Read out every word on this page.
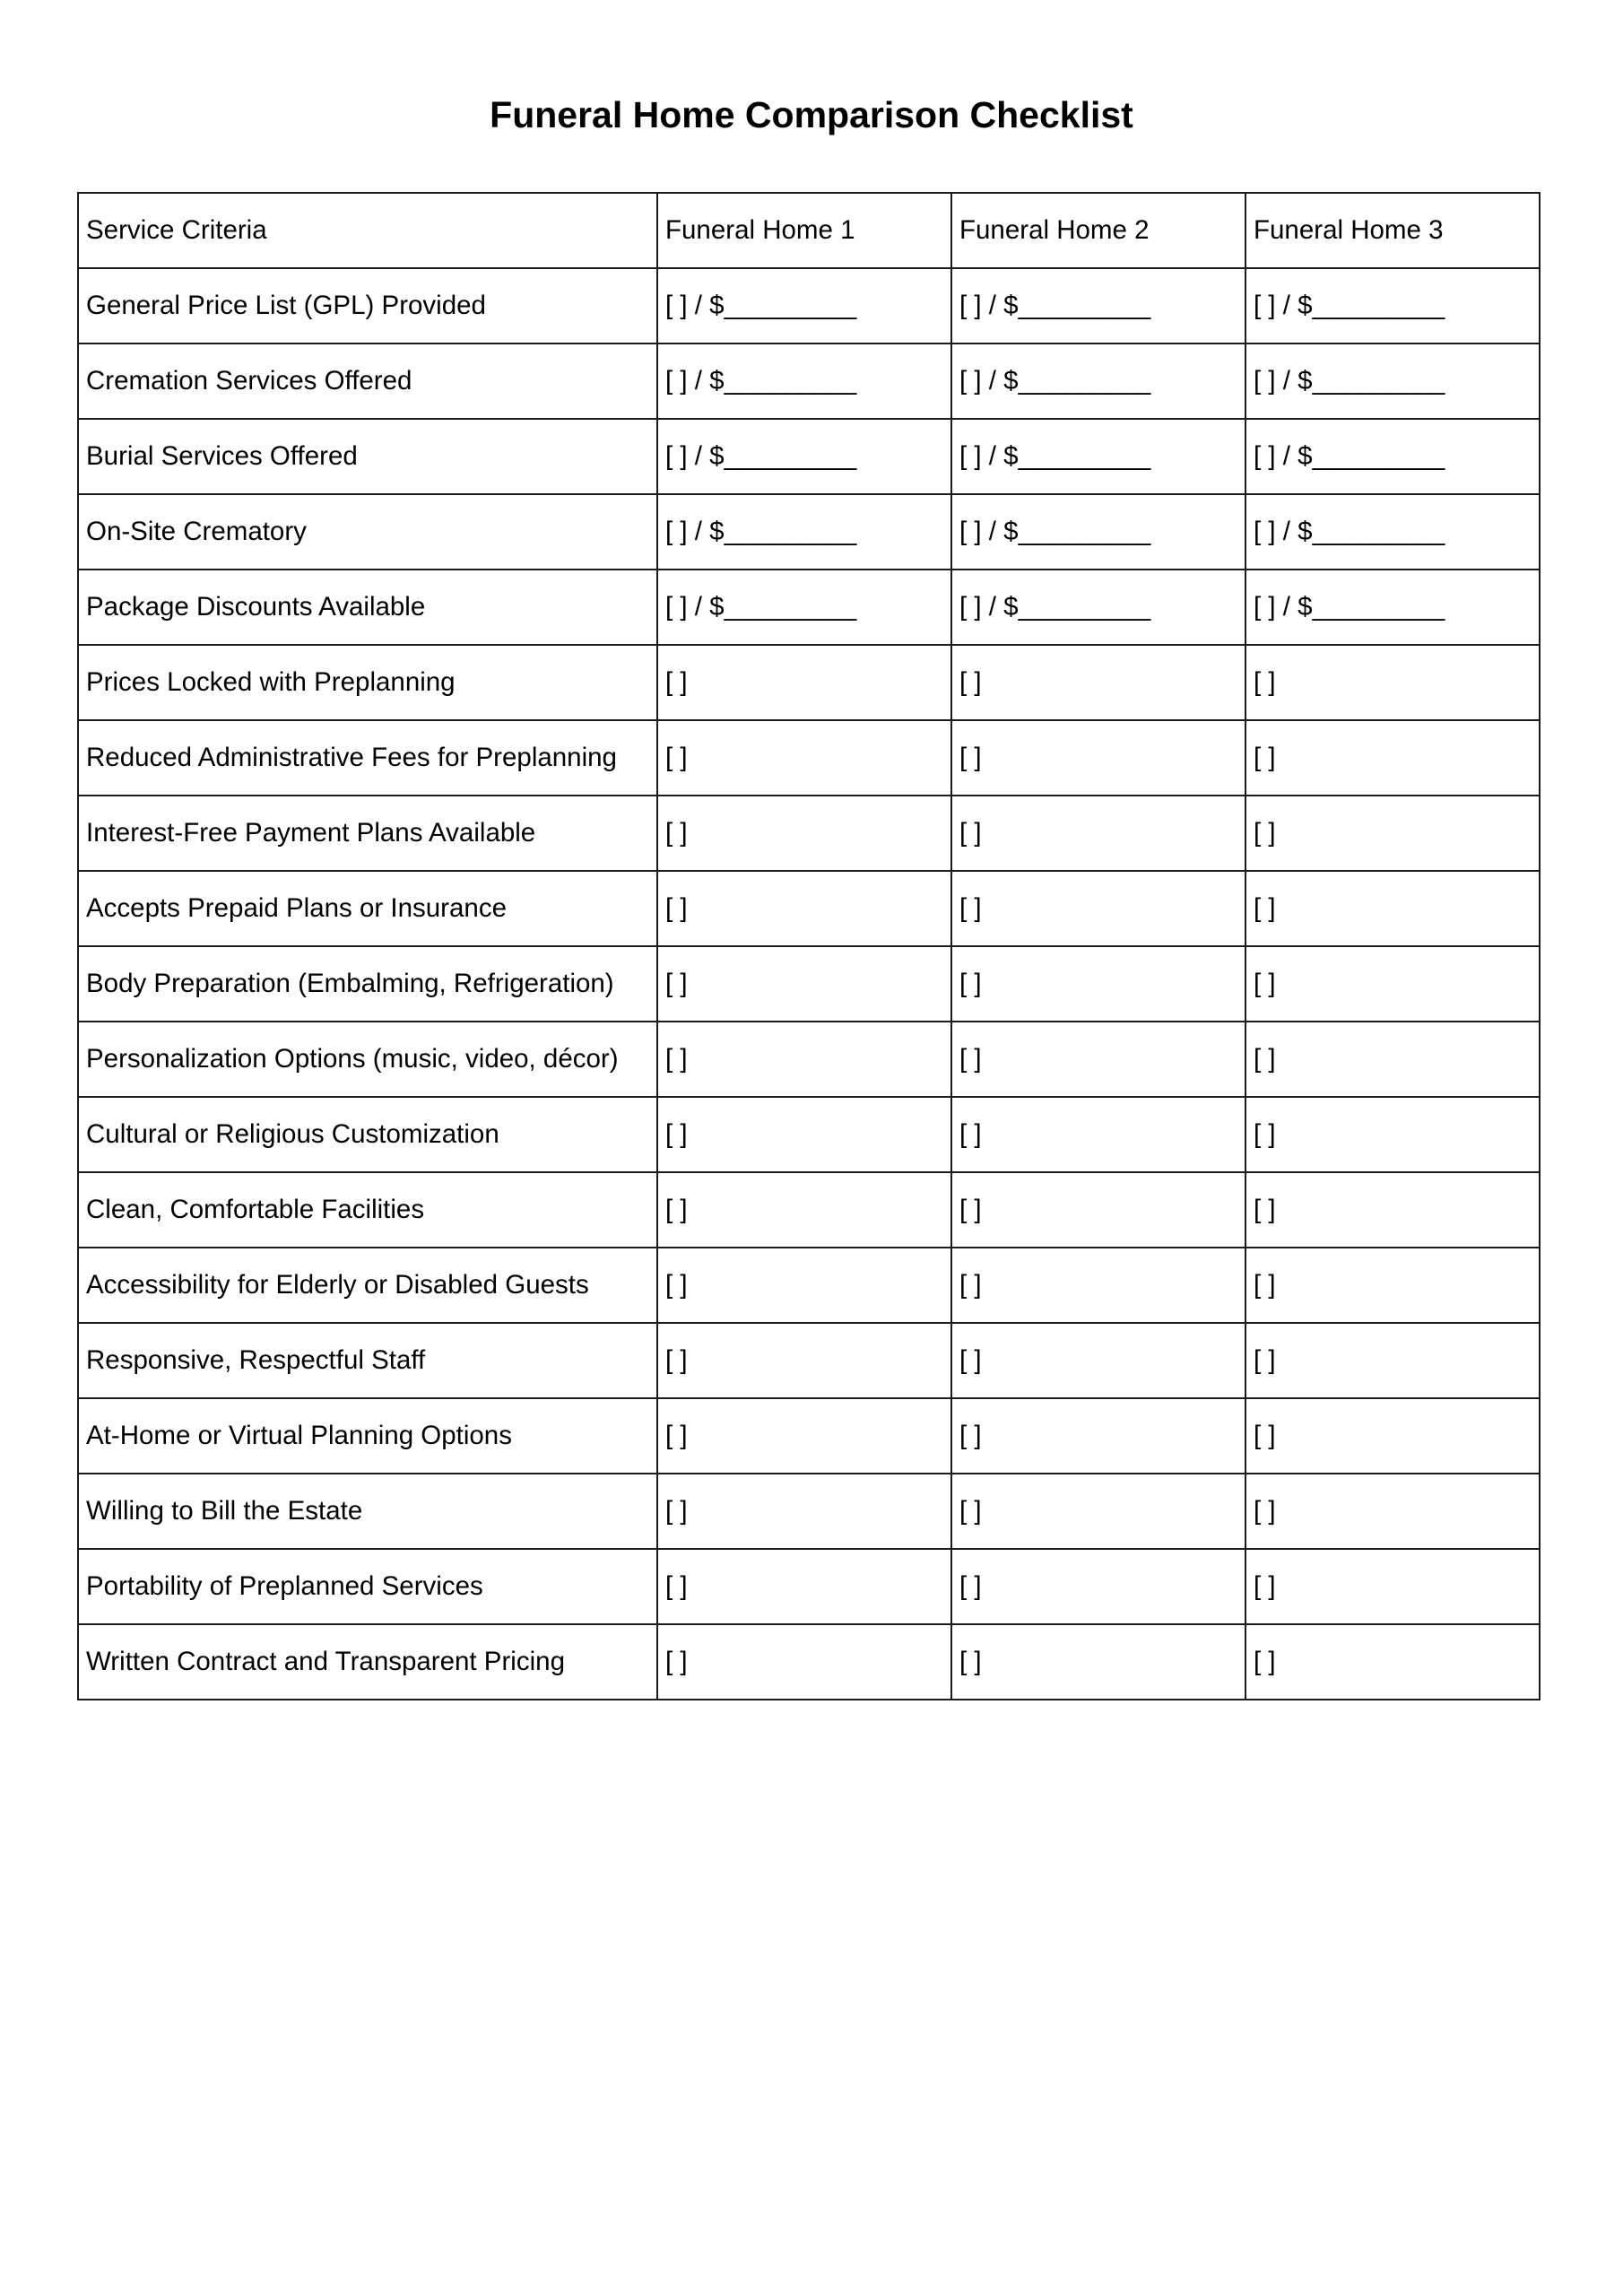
Funeral Home Comparison Checklist
Service Criteria	Funeral Home 1	Funeral Home 2	Funeral Home 3
General Price List (GPL) Provided	[ ] / $_________	[ ] / $_________	[ ] / $_________
Cremation Services Offered	[ ] / $_________	[ ] / $_________	[ ] / $_________
Burial Services Offered	[ ] / $_________	[ ] / $_________	[ ] / $_________
On-Site Crematory	[ ] / $_________	[ ] / $_________	[ ] / $_________
Package Discounts Available	[ ] / $_________	[ ] / $_________	[ ] / $_________
Prices Locked with Preplanning	[ ]	[ ]	[ ]
Reduced Administrative Fees for Preplanning	[ ]	[ ]	[ ]
Interest-Free Payment Plans Available	[ ]	[ ]	[ ]
Accepts Prepaid Plans or Insurance	[ ]	[ ]	[ ]
Body Preparation (Embalming, Refrigeration)	[ ]	[ ]	[ ]
Personalization Options (music, video, décor)	[ ]	[ ]	[ ]
Cultural or Religious Customization	[ ]	[ ]	[ ]
Clean, Comfortable Facilities	[ ]	[ ]	[ ]
Accessibility for Elderly or Disabled Guests	[ ]	[ ]	[ ]
Responsive, Respectful Staff	[ ]	[ ]	[ ]
At-Home or Virtual Planning Options	[ ]	[ ]	[ ]
Willing to Bill the Estate	[ ]	[ ]	[ ]
Portability of Preplanned Services	[ ]	[ ]	[ ]
Written Contract and Transparent Pricing	[ ]	[ ]	[ ]
